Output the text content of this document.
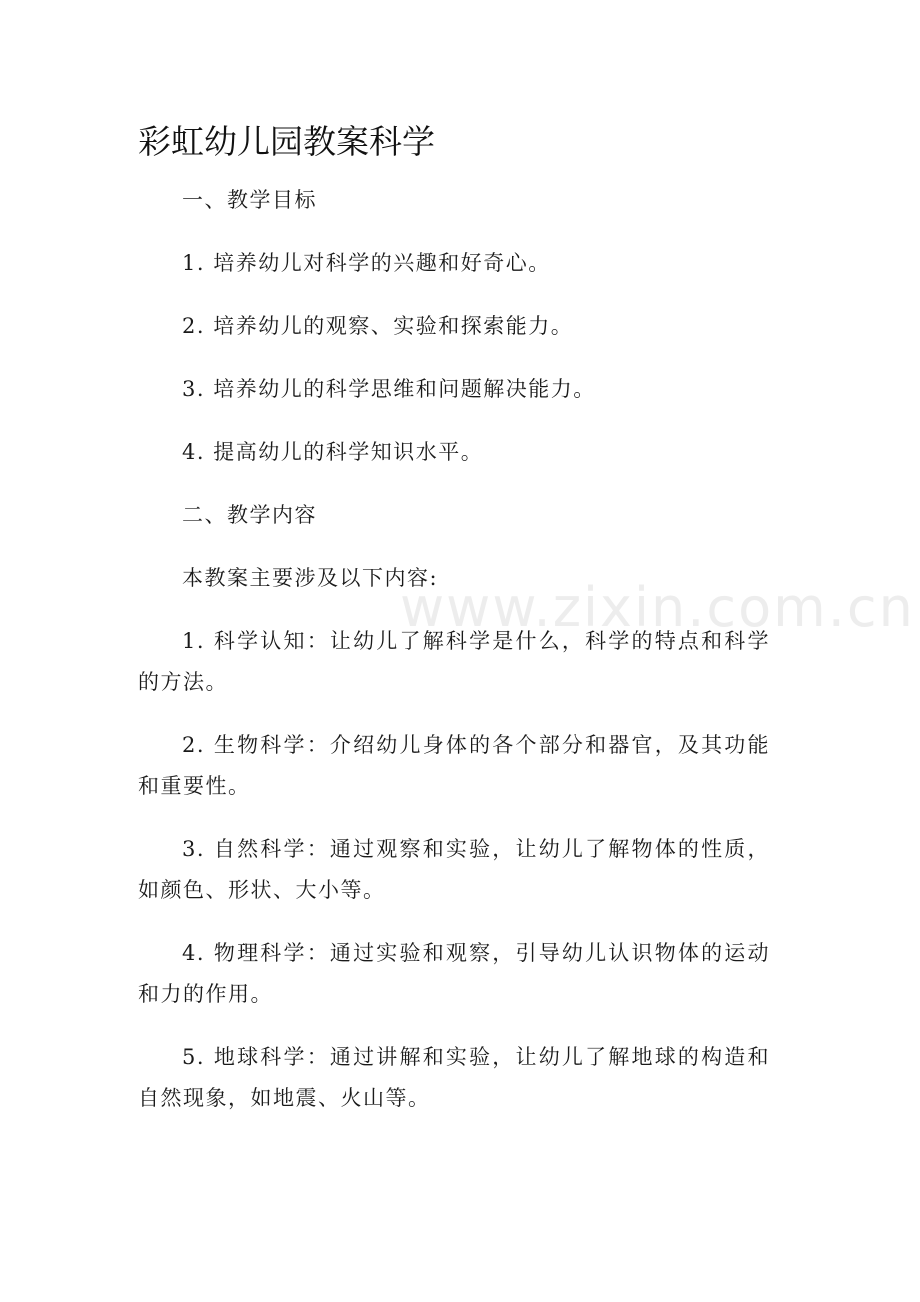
www.zixin.com.cn
彩虹幼儿园教案科学

一、教学目标

1. 培养幼儿对科学的兴趣和好奇心。

2. 培养幼儿的观察、实验和探索能力。

3. 培养幼儿的科学思维和问题解决能力。

4. 提高幼儿的科学知识水平。

二、教学内容

本教案主要涉及以下内容:

1. 科学认知：让幼儿了解科学是什么，科学的特点和科学的方法。

2. 生物科学：介绍幼儿身体的各个部分和器官，及其功能和重要性。

3. 自然科学：通过观察和实验，让幼儿了解物体的性质，如颜色、形状、大小等。

4. 物理科学：通过实验和观察，引导幼儿认识物体的运动和力的作用。

5. 地球科学：通过讲解和实验，让幼儿了解地球的构造和自然现象，如地震、火山等。
